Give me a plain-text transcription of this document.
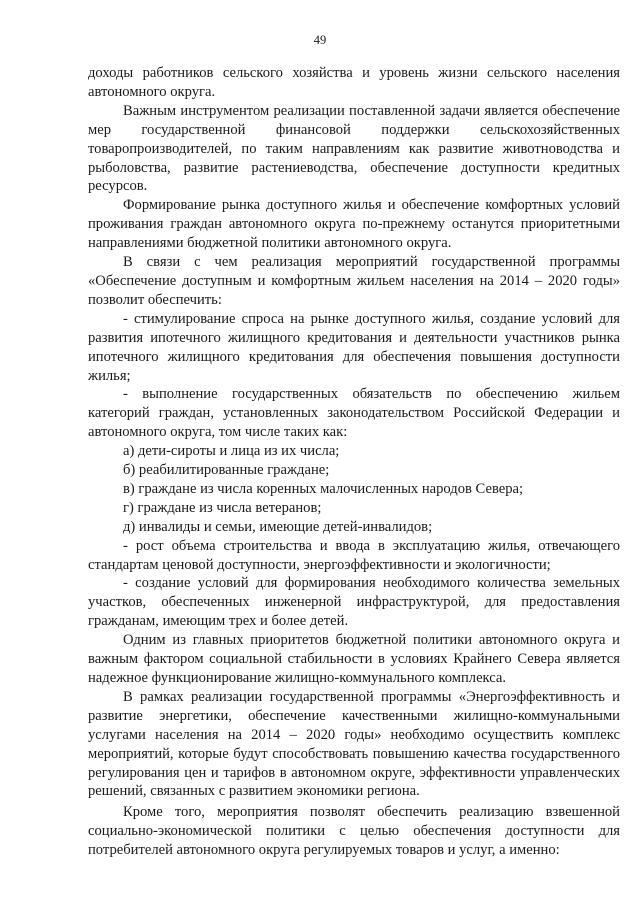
49

доходы работников сельского хозяйства и уровень жизни сельского населения автономного округа.

Важным инструментом реализации поставленной задачи является обеспечение мер государственной финансовой поддержки сельскохозяйственных товаропроизводителей, по таким направлениям как развитие животноводства и рыболовства, развитие растениеводства, обеспечение доступности кредитных ресурсов.

Формирование рынка доступного жилья и обеспечение комфортных условий проживания граждан автономного округа по-прежнему останутся приоритетными направлениями бюджетной политики автономного округа.

В связи с чем реализация мероприятий государственной программы «Обеспечение доступным и комфортным жильем населения на 2014 – 2020 годы» позволит обеспечить:

- стимулирование спроса на рынке доступного жилья, создание условий для развития ипотечного жилищного кредитования и деятельности участников рынка ипотечного жилищного кредитования для обеспечения повышения доступности жилья;

- выполнение государственных обязательств по обеспечению жильем категорий граждан, установленных законодательством Российской Федерации и автономного округа, том числе таких как:

а) дети-сироты и лица из их числа;

б) реабилитированные граждане;

в) граждане из числа коренных малочисленных народов Севера;

г) граждане из числа ветеранов;

д) инвалиды и семьи, имеющие детей-инвалидов;

- рост объема строительства и ввода в эксплуатацию жилья, отвечающего стандартам ценовой доступности, энергоэффективности и экологичности;

- создание условий для формирования необходимого количества земельных участков, обеспеченных инженерной инфраструктурой, для предоставления гражданам, имеющим трех и более детей.

Одним из главных приоритетов бюджетной политики автономного округа и важным фактором социальной стабильности в условиях Крайнего Севера является надежное функционирование жилищно-коммунального комплекса.

В рамках реализации государственной программы «Энергоэффективность и развитие энергетики, обеспечение качественными жилищно-коммунальными услугами населения на 2014 – 2020 годы» необходимо осуществить комплекс мероприятий, которые будут способствовать повышению качества государственного регулирования цен и тарифов в автономном округе, эффективности управленческих решений, связанных с развитием экономики региона.

Кроме того, мероприятия позволят обеспечить реализацию взвешенной социально-экономической политики с целью обеспечения доступности для потребителей автономного округа регулируемых товаров и услуг, а именно:
